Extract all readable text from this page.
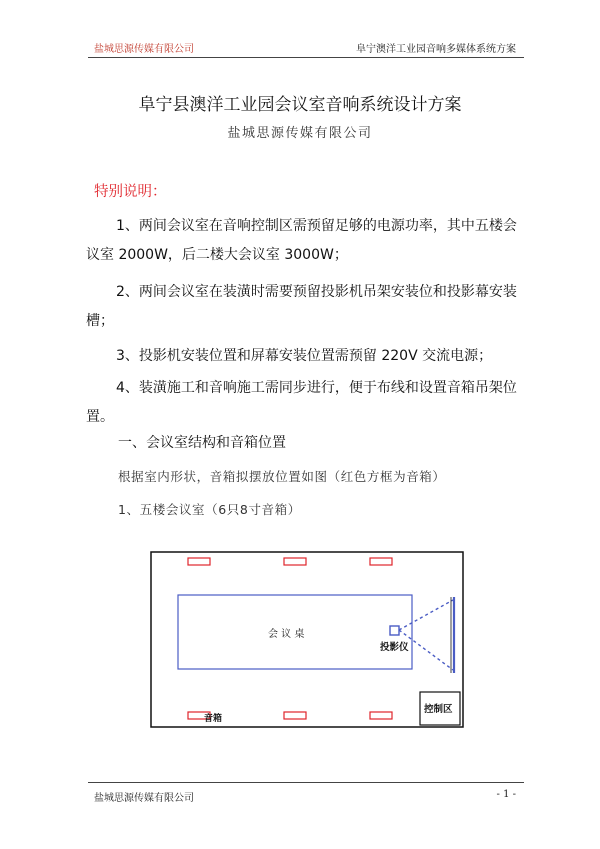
盐城思源传媒有限公司	阜宁澳洋工业园音响多媒体系统方案
阜宁县澳洋工业园会议室音响系统设计方案
盐城思源传媒有限公司
特别说明：
1、两间会议室在音响控制区需预留足够的电源功率，其中五楼会议室 2000W，后二楼大会议室 3000W；
2、两间会议室在装潢时需要预留投影机吊架安装位和投影幕安装槽；
3、投影机安装位置和屏幕安装位置需预留 220V 交流电源；
4、装潢施工和音响施工需同步进行，便于布线和设置音箱吊架位置。
一、会议室结构和音箱位置
根据室内形状，音箱拟摆放位置如图（红色方框为音箱）
1、五楼会议室（6只8寸音箱）
会 议 桌
投影仪
控制区
音箱
盐城思源传媒有限公司	- 1 -
